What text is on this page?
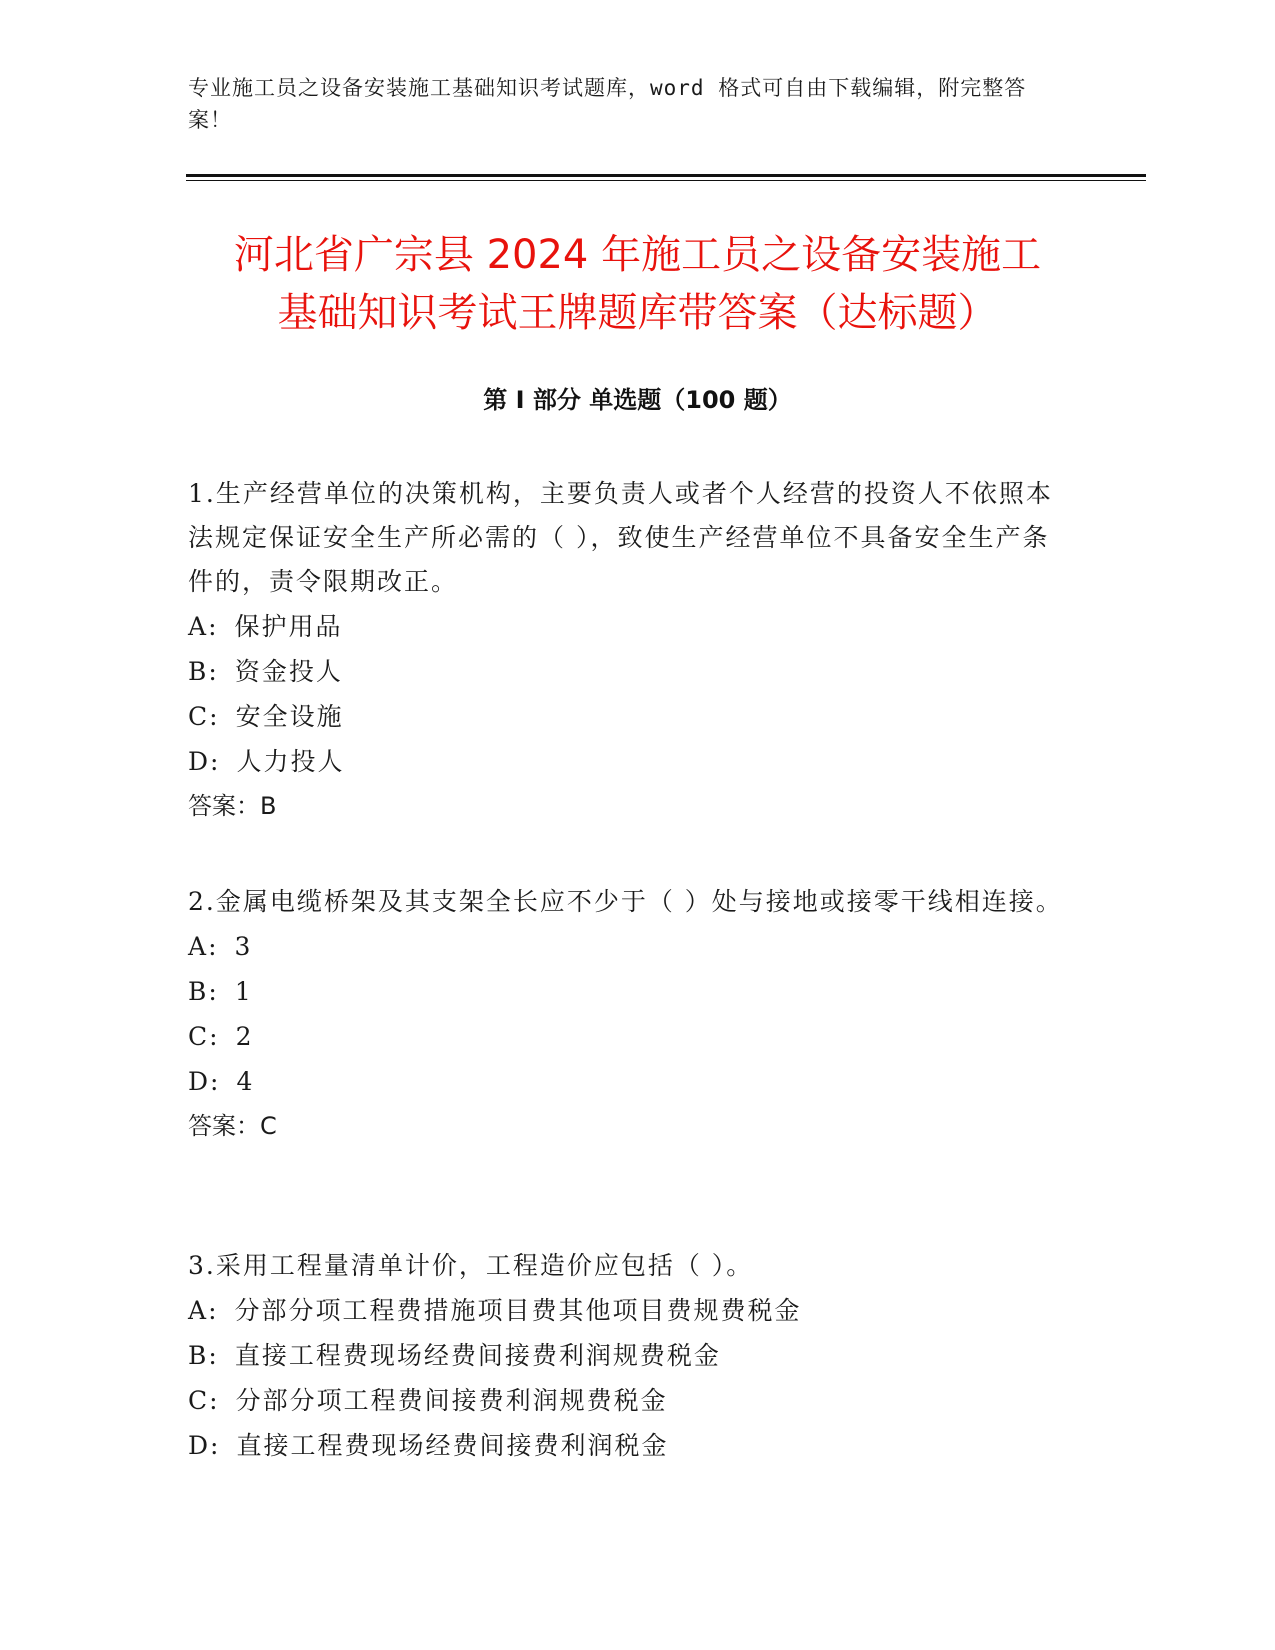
专业施工员之设备安装施工基础知识考试题库，word 格式可自由下载编辑，附完整答案！
河北省广宗县 2024 年施工员之设备安装施工
基础知识考试王牌题库带答案（达标题）
第 I 部分 单选题（100 题）

1.生产经营单位的决策机构，主要负责人或者个人经营的投资人不依照本法规定保证安全生产所必需的（ ），致使生产经营单位不具备安全生产条件的，责令限期改正。

A : 保护用品

B : 资金投人

C : 安全设施

D : 人力投人

答案：B

2.金属电缆桥架及其支架全长应不少于（ ）处与接地或接零干线相连接。

A : 3

B : 1

C : 2

D : 4

答案：C

3.采用工程量清单计价，工程造价应包括（ ）。

A : 分部分项工程费措施项目费其他项目费规费税金

B : 直接工程费现场经费间接费利润规费税金

C : 分部分项工程费间接费利润规费税金

D : 直接工程费现场经费间接费利润税金
